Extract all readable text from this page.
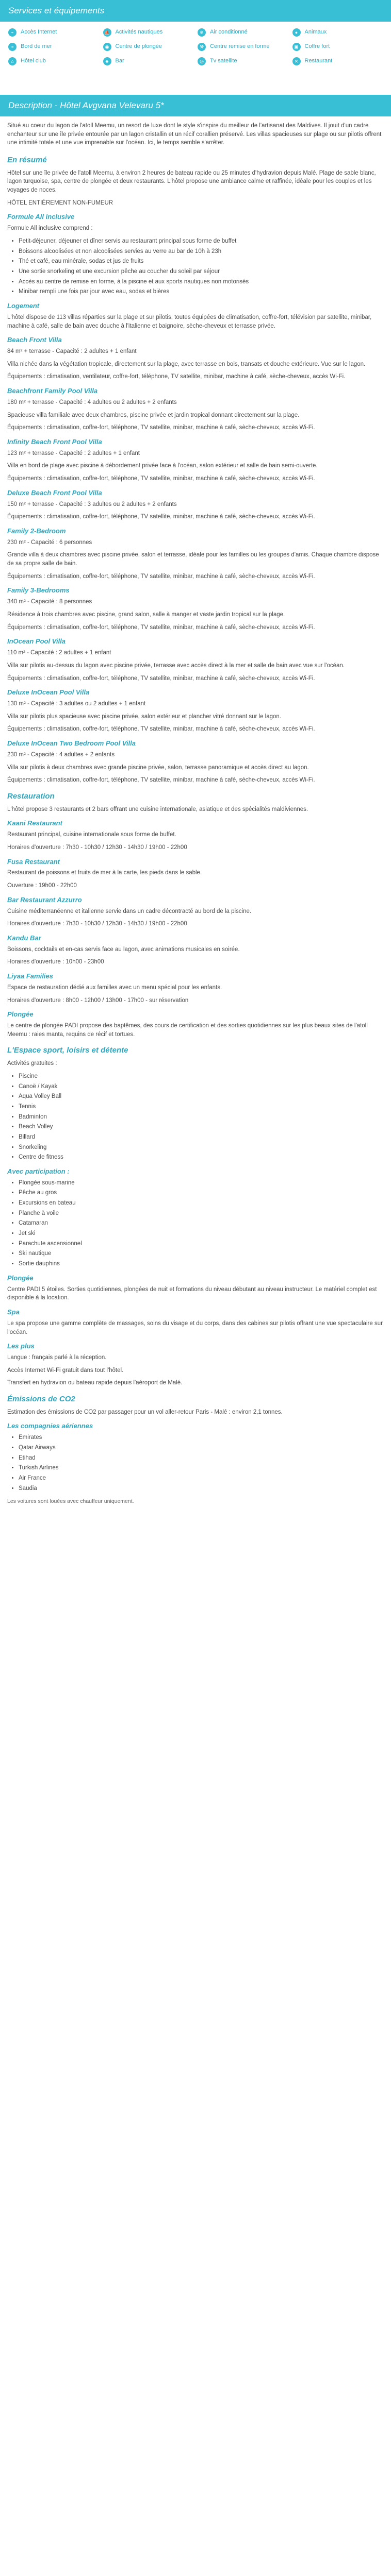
Services et équipements
⌁	Accès Internet	⛵ Activités nautiques	❄	Air conditionné	●	Animaux
≈	Bord de mer	◉	Centre de plongée	⚒	Centre remise en forme	▣	Coffre fort
⌂	Hôtel club	♣	Bar	◎	Tv satellite	✕	Restaurant
Description - Hôtel Avgvana Velevaru 5*

Situé au coeur du lagon de l'atoll Meemu, un resort de luxe dont le style s'inspire du meilleur de l'artisanat des Maldives. Il jouit d'un cadre enchanteur sur une île privée entourée par un lagon cristallin et un récif corallien préservé. Les villas spacieuses sur plage ou sur pilotis offrent une intimité totale et une vue imprenable sur l'océan. Ici, le temps semble s'arrêter.

En résumé

Hôtel sur une île privée de l'atoll Meemu, à environ 2 heures de bateau rapide ou 25 minutes d'hydravion depuis Malé. Plage de sable blanc, lagon turquoise, spa, centre de plongée et deux restaurants. L'hôtel propose une ambiance calme et raffinée, idéale pour les couples et les voyages de noces.

HÔTEL ENTIÈREMENT NON-FUMEUR

Formule All inclusive

Formule All inclusive comprend :

• Petit-déjeuner, déjeuner et dîner servis au restaurant principal sous forme de buffet
• Boissons alcoolisées et non alcoolisées servies au verre au bar de 10h à 23h
• Thé et café, eau minérale, sodas et jus de fruits
• Une sortie snorkeling et une excursion pêche au coucher du soleil par séjour
• Accès au centre de remise en forme, à la piscine et aux sports nautiques non motorisés
• Minibar rempli une fois par jour avec eau, sodas et bières
Logement

L'hôtel dispose de 113 villas réparties sur la plage et sur pilotis, toutes équipées de climatisation, coffre-fort, télévision par satellite, minibar, machine à café, salle de bain avec douche à l'italienne et baignoire, sèche-cheveux et terrasse privée.

Beach Front Villa

84 m² + terrasse - Capacité : 2 adultes + 1 enfant

Villa nichée dans la végétation tropicale, directement sur la plage, avec terrasse en bois, transats et douche extérieure. Vue sur le lagon.

Équipements : climatisation, ventilateur, coffre-fort, téléphone, TV satellite, minibar, machine à café, sèche-cheveux, accès Wi-Fi.

Beachfront Family Pool Villa

180 m² + terrasse - Capacité : 4 adultes ou 2 adultes + 2 enfants

Spacieuse villa familiale avec deux chambres, piscine privée et jardin tropical donnant directement sur la plage.

Équipements : climatisation, coffre-fort, téléphone, TV satellite, minibar, machine à café, sèche-cheveux, accès Wi-Fi.

Infinity Beach Front Pool Villa

123 m² + terrasse - Capacité : 2 adultes + 1 enfant

Villa en bord de plage avec piscine à débordement privée face à l'océan, salon extérieur et salle de bain semi-ouverte.

Équipements : climatisation, coffre-fort, téléphone, TV satellite, minibar, machine à café, sèche-cheveux, accès Wi-Fi.

Deluxe Beach Front Pool Villa

150 m² + terrasse - Capacité : 3 adultes ou 2 adultes + 2 enfants

Équipements : climatisation, coffre-fort, téléphone, TV satellite, minibar, machine à café, sèche-cheveux, accès Wi-Fi.

Family 2-Bedroom

230 m² - Capacité : 6 personnes

Grande villa à deux chambres avec piscine privée, salon et terrasse, idéale pour les familles ou les groupes d'amis. Chaque chambre dispose de sa propre salle de bain.

Équipements : climatisation, coffre-fort, téléphone, TV satellite, minibar, machine à café, sèche-cheveux, accès Wi-Fi.

Family 3-Bedrooms

340 m² - Capacité : 8 personnes

Résidence à trois chambres avec piscine, grand salon, salle à manger et vaste jardin tropical sur la plage.

Équipements : climatisation, coffre-fort, téléphone, TV satellite, minibar, machine à café, sèche-cheveux, accès Wi-Fi.

InOcean Pool Villa

110 m² - Capacité : 2 adultes + 1 enfant

Villa sur pilotis au-dessus du lagon avec piscine privée, terrasse avec accès direct à la mer et salle de bain avec vue sur l'océan.

Équipements : climatisation, coffre-fort, téléphone, TV satellite, minibar, machine à café, sèche-cheveux, accès Wi-Fi.

Deluxe InOcean Pool Villa

130 m² - Capacité : 3 adultes ou 2 adultes + 1 enfant

Villa sur pilotis plus spacieuse avec piscine privée, salon extérieur et plancher vitré donnant sur le lagon.

Équipements : climatisation, coffre-fort, téléphone, TV satellite, minibar, machine à café, sèche-cheveux, accès Wi-Fi.

Deluxe InOcean Two Bedroom Pool Villa

230 m² - Capacité : 4 adultes + 2 enfants

Villa sur pilotis à deux chambres avec grande piscine privée, salon, terrasse panoramique et accès direct au lagon.

Équipements : climatisation, coffre-fort, téléphone, TV satellite, minibar, machine à café, sèche-cheveux, accès Wi-Fi.

Restauration

L'hôtel propose 3 restaurants et 2 bars offrant une cuisine internationale, asiatique et des spécialités maldiviennes.

Kaani Restaurant

Restaurant principal, cuisine internationale sous forme de buffet.

Horaires d'ouverture : 7h30 - 10h30 / 12h30 - 14h30 / 19h00 - 22h00

Fusa Restaurant

Restaurant de poissons et fruits de mer à la carte, les pieds dans le sable.

Ouverture : 19h00 - 22h00

Bar Restaurant Azzurro

Cuisine méditerranéenne et italienne servie dans un cadre décontracté au bord de la piscine.

Horaires d'ouverture : 7h30 - 10h30 / 12h30 - 14h30 / 19h00 - 22h00

Kandu Bar

Boissons, cocktails et en-cas servis face au lagon, avec animations musicales en soirée.

Horaires d'ouverture : 10h00 - 23h00

Liyaa Families

Espace de restauration dédié aux familles avec un menu spécial pour les enfants.

Horaires d'ouverture : 8h00 - 12h00 / 13h00 - 17h00 - sur réservation

Plongée

Le centre de plongée PADI propose des baptêmes, des cours de certification et des sorties quotidiennes sur les plus beaux sites de l'atoll Meemu : raies manta, requins de récif et tortues.

L'Espace sport, loisirs et détente

Activités gratuites :

• Piscine
• Canoë / Kayak
• Aqua Volley Ball
• Tennis
• Badminton
• Beach Volley
• Billard
• Snorkeling
• Centre de fitness
Avec participation :
• Plongée sous-marine
• Pêche au gros
• Excursions en bateau
• Planche à voile
• Catamaran
• Jet ski
• Parachute ascensionnel
• Ski nautique
• Sortie dauphins
Plongée

Centre PADI 5 étoiles. Sorties quotidiennes, plongées de nuit et formations du niveau débutant au niveau instructeur. Le matériel complet est disponible à la location.

Spa

Le spa propose une gamme complète de massages, soins du visage et du corps, dans des cabines sur pilotis offrant une vue spectaculaire sur l'océan.

Les plus

Langue : français parlé à la réception.

Accès Internet Wi-Fi gratuit dans tout l'hôtel.

Transfert en hydravion ou bateau rapide depuis l'aéroport de Malé.

Émissions de CO2

Estimation des émissions de CO2 par passager pour un vol aller-retour Paris - Malé : environ 2,1 tonnes.

Les compagnies aériennes
• Emirates
• Qatar Airways
• Etihad
• Turkish Airlines
• Air France
• Saudia

Les voitures sont louées avec chauffeur uniquement.
